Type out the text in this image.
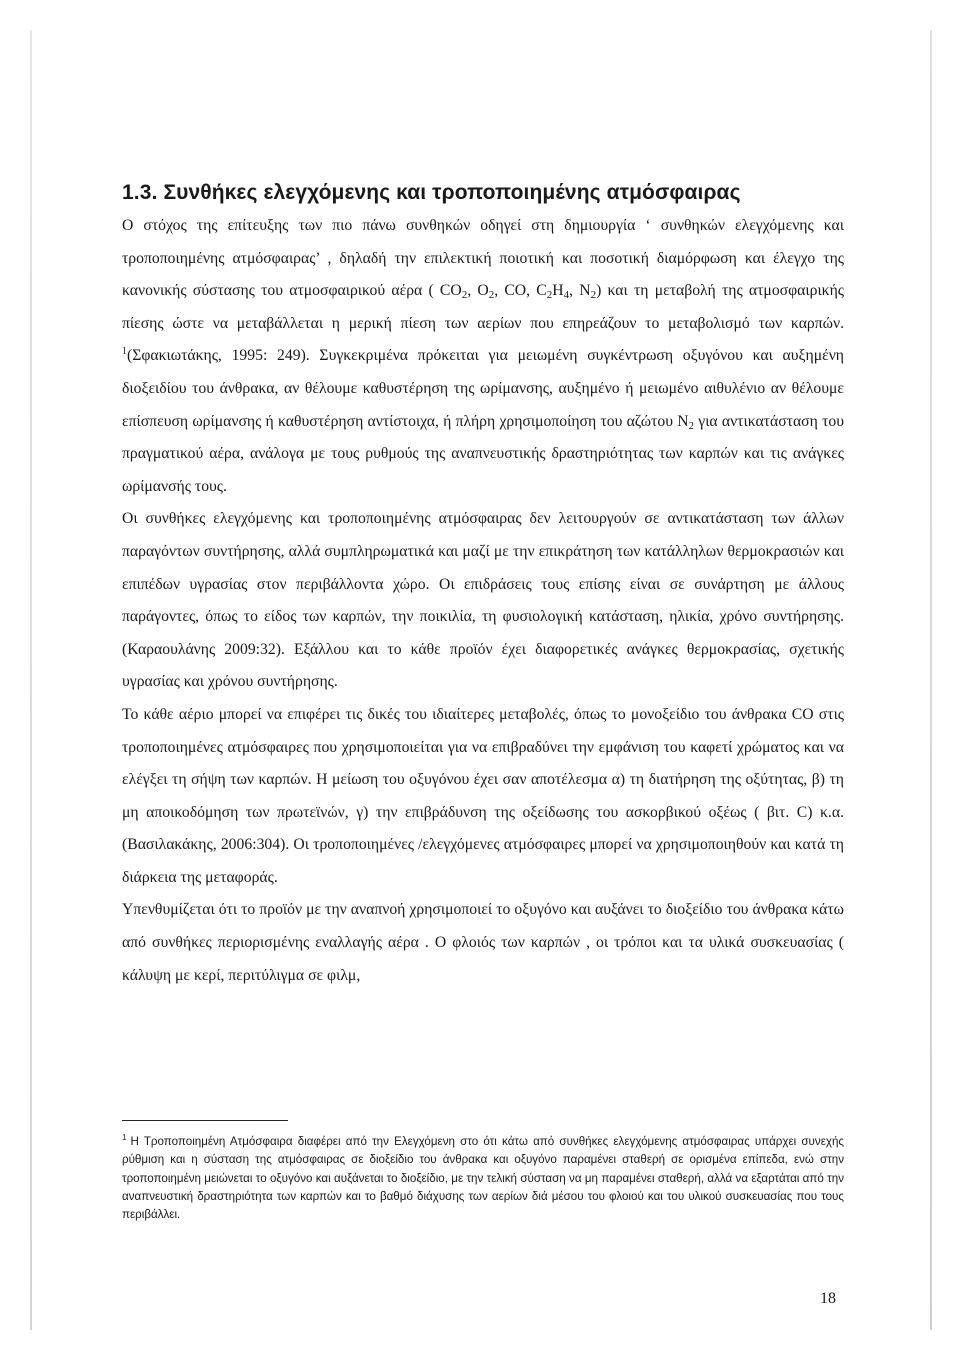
1.3. Συνθήκες ελεγχόμενης και τροποποιημένης ατμόσφαιρας

Ο στόχος της επίτευξης των πιο πάνω συνθηκών οδηγεί στη δημιουργία ‘ συνθηκών ελεγχόμενης και τροποποιημένης ατμόσφαιρας’ , δηλαδή την επιλεκτική ποιοτική και ποσοτική διαμόρφωση και έλεγχο της κανονικής σύστασης του ατμοσφαιρικού αέρα ( $CO_2$, $O_2$, CO, $C_2H_4$, $N_2$) και τη μεταβολή της ατμοσφαιρικής πίεσης ώστε να μεταβάλλεται η μερική πίεση των αερίων που επηρεάζουν το μεταβολισμό των καρπών. $^1$(Σφακιωτάκης, 1995: 249). Συγκεκριμένα πρόκειται για μειωμένη συγκέντρωση οξυγόνου και αυξημένη διοξειδίου του άνθρακα, αν θέλουμε καθυστέρηση της ωρίμανσης, αυξημένο ή μειωμένο αιθυλένιο αν θέλουμε επίσπευση ωρίμανσης ή καθυστέρηση αντίστοιχα, ή πλήρη χρησιμοποίηση του αζώτου $N_2$ για αντικατάσταση του πραγματικού αέρα, ανάλογα με τους ρυθμούς της αναπνευστικής δραστηριότητας των καρπών και τις ανάγκες ωρίμανσής τους.

Οι συνθήκες ελεγχόμενης και τροποποιημένης ατμόσφαιρας δεν λειτουργούν σε αντικατάσταση των άλλων παραγόντων συντήρησης, αλλά συμπληρωματικά και μαζί με την επικράτηση των κατάλληλων θερμοκρασιών και επιπέδων υγρασίας στον περιβάλλοντα χώρο. Οι επιδράσεις τους επίσης είναι σε συνάρτηση με άλλους παράγοντες, όπως το είδος των καρπών, την ποικιλία, τη φυσιολογική κατάσταση, ηλικία, χρόνο συντήρησης. (Καραουλάνης 2009:32). Εξάλλου και το κάθε προϊόν έχει διαφορετικές ανάγκες θερμοκρασίας, σχετικής υγρασίας και χρόνου συντήρησης.

Το κάθε αέριο μπορεί να επιφέρει τις δικές του ιδιαίτερες μεταβολές, όπως το μονοξείδιο του άνθρακα CO στις τροποποιημένες ατμόσφαιρες που χρησιμοποιείται για να επιβραδύνει την εμφάνιση του καφετί χρώματος και να ελέγξει τη σήψη των καρπών. Η μείωση του οξυγόνου έχει σαν αποτέλεσμα α) τη διατήρηση της οξύτητας, β) τη μη αποικοδόμηση των πρωτεϊνών, γ) την επιβράδυνση της οξείδωσης του ασκορβικού οξέως ( βιτ. C) κ.α. (Βασιλακάκης, 2006:304). Οι τροποποιημένες /ελεγχόμενες ατμόσφαιρες μπορεί να χρησιμοποιηθούν και κατά τη διάρκεια της μεταφοράς.

Υπενθυμίζεται ότι το προϊόν με την αναπνοή χρησιμοποιεί το οξυγόνο και αυξάνει το διοξείδιο του άνθρακα κάτω από συνθήκες περιορισμένης εναλλαγής αέρα . Ο φλοιός των καρπών , οι τρόποι και τα υλικά συσκευασίας ( κάλυψη με κερί, περιτύλιγμα σε φιλμ,

$^1$ Η Τροποποιημένη Ατμόσφαιρα διαφέρει από την Ελεγχόμενη στο ότι κάτω από συνθήκες ελεγχόμενης ατμόσφαιρας υπάρχει συνεχής ρύθμιση και η σύσταση της ατμόσφαιρας σε διοξείδιο του άνθρακα και οξυγόνο παραμένει σταθερή σε ορισμένα επίπεδα, ενώ στην τροποποιημένη μειώνεται το οξυγόνο και αυξάνεται το διοξείδιο, με την τελική σύσταση να μη παραμένει σταθερή, αλλά να εξαρτάται από την αναπνευστική δραστηριότητα των καρπών και το βαθμό διάχυσης των αερίων διά μέσου του φλοιού και του υλικού συσκευασίας που τους περιβάλλει.
18
